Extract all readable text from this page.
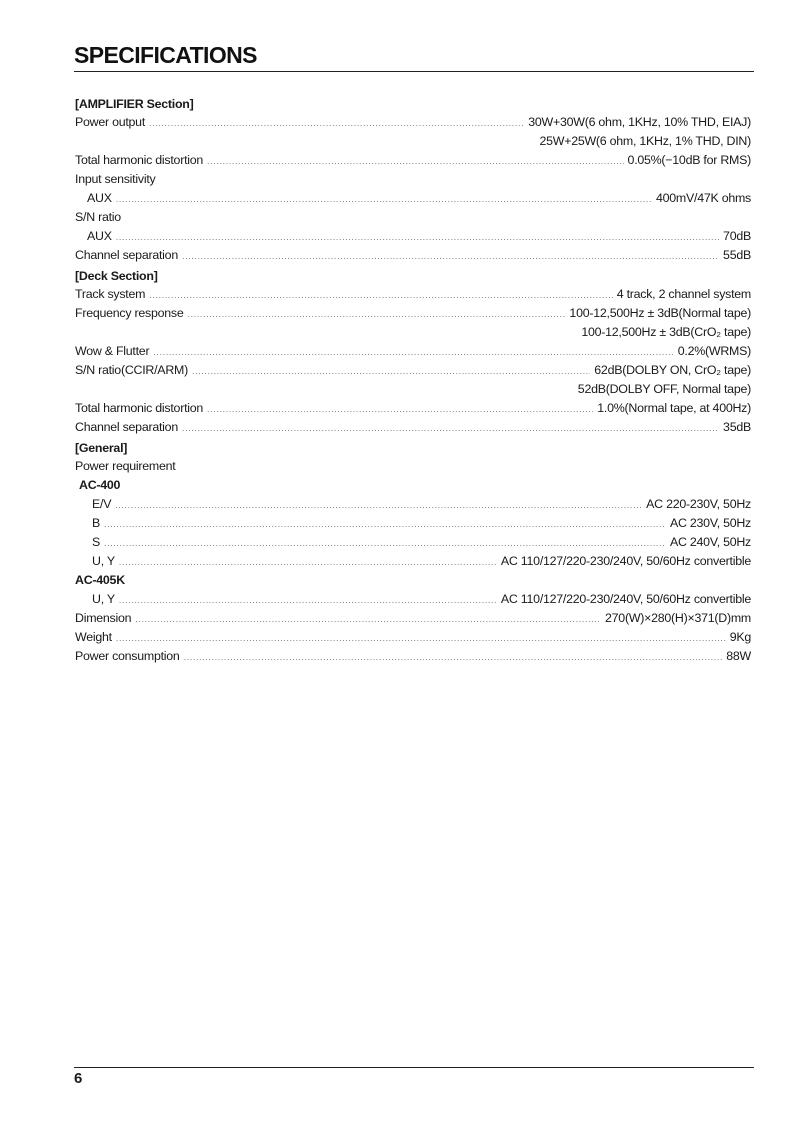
SPECIFICATIONS
[AMPLIFIER Section]
Power output .....	30W+30W(6 ohm, 1KHz, 10% THD, EIAJ)
25W+25W(6 ohm, 1KHz, 1% THD, DIN)
Total harmonic distortion .....	0.05%(−10dB for RMS)
Input sensitivity
AUX .....	400mV/47K ohms
S/N ratio
AUX .....	70dB
Channel separation .....	55dB
[Deck Section]
Track system .....	4 track, 2 channel system
Frequency response .....	100-12,500Hz ± 3dB(Normal tape)
100-12,500Hz ± 3dB(CrO₂ tape)
Wow & Flutter .....	0.2%(WRMS)
S/N ratio(CCIR/ARM) .....	62dB(DOLBY ON, CrO₂ tape)
52dB(DOLBY OFF, Normal tape)
Total harmonic distortion .....	1.0%(Normal tape, at 400Hz)
Channel separation .....	35dB
[General]
Power requirement
AC-400
E/V .....	AC 220-230V, 50Hz
B .....	AC 230V, 50Hz
S .....	AC 240V, 50Hz
U, Y .....	AC 110/127/220-230/240V, 50/60Hz convertible
AC-405K
U, Y .....	AC 110/127/220-230/240V, 50/60Hz convertible
Dimension .....	270(W)×280(H)×371(D)mm
Weight .....	9Kg
Power consumption .....	88W
6
